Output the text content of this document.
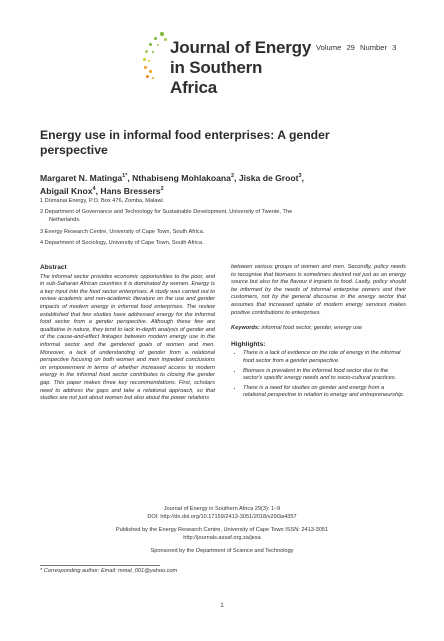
Journal of Energy
in Southern Africa
Volume 29 Number 3
Energy use in informal food enterprises: A gender
perspective
Margaret N. Matinga$^{1*}$, Nthabiseng Mohlakoana$^2$, Jiska de Groot$^3$,
Abigail Knox$^4$, Hans Bressers$^2$
1 Dūmanai Energy, P.O. Box 476, Zomba, Malawi.
2 Department of Governance and Technology for Sustainable Development, University of Twente, The
Netherlands.
3 Energy Research Centre, University of Cape Town, South Africa.
4 Department of Sociology, University of Cape Town, South Africa.

Abstract

The informal sector provides economic opportunities to the poor, and in sub-Saharan African countries it is dominated by women. Energy is a key input into the food sector enterprises. A study was carried out to review academic and non-academic literature on the use and gender impacts of modern energy in informal food enterprises. The review established that few studies have addressed energy for the informal food sector from a gender perspective. Although these few are qualitative in nature, they tend to lack in-depth analysis of gender and of the cause-and-effect linkages between modern energy use in the informal sector and the gendered goals of women and men. Moreover, a lack of understanding of gender from a relational perspective focusing on both women and men impeded conclusions on empowerment in terms of whether increased access to modern energy in the informal food sector contributes to closing the gender gap. This paper makes three key recommendations. First, scholars need to address the gaps and take a relational approach, so that studies are not just about women but also about the power relations

between various groups of women and men. Secondly, policy needs to recognise that biomass is sometimes desired not just as an energy source but also for the flavour it imparts to food. Lastly, policy should be informed by the needs of informal enterprise owners and their customers, not by the general discourse in the energy sector that assumes that increased uptake of modern energy services makes positive contributions to enterprises.

Keywords: informal food sector, gender, energy use

Highlights:

• There is a lack of evidence on the role of energy in the informal food sector from a gender perspective.
• Biomass is prevalent in the informal food sector due to the sector's specific energy needs and to socio-cultural practices.
• There is a need for studies on gender and energy from a relational perspective in relation to energy and entrepreneurship.
Journal of Energy in Southern Africa 29(3): 1–9
DOI: http://dx.doi.org/10.17159/2413-3051/2018/v29i3a4357
Published by the Energy Research Centre, University of Cape Town ISSN: 2413-3051
http://journals.assaf.org.za/jesa
Sponsored by the Department of Science and Technology
* Corresponding author: Email: mmal_001@yahoo.com
1
